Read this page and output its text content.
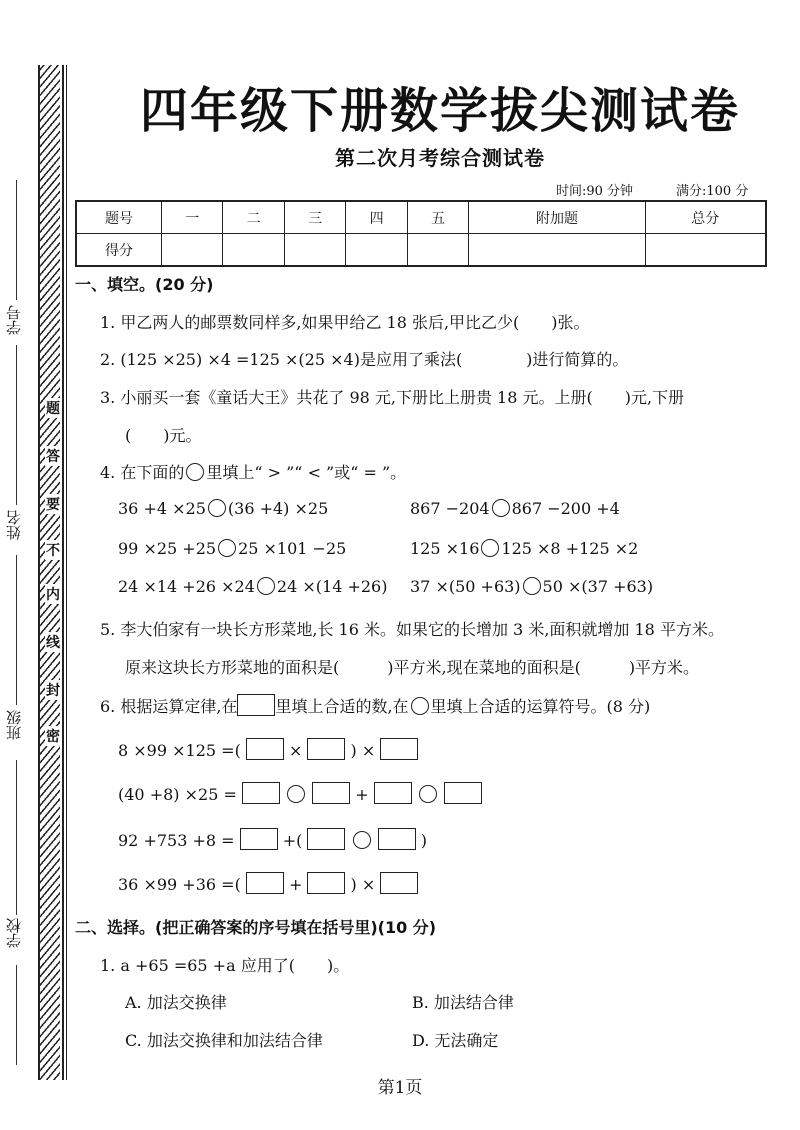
学号
姓名
班级
学校
题
答
要
不
内
线
封
密
四年级下册数学拔尖测试卷
第二次月考综合测试卷
时间:90 分钟	满分:100 分
题号	一	二	三	四	五	附加题	总分
得分							
一、填空。(20 分)
1. 甲乙两人的邮票数同样多,如果甲给乙 18 张后,甲比乙少(　　)张。
2. (125 ×25) ×4 =125 ×(25 ×4)是应用了乘法(　　　　)进行简算的。
3. 小丽买一套《童话大王》共花了 98 元,下册比上册贵 18 元。上册(　　)元,下册
(　　)元。
4. 在下面的 里填上“ > ”“ < ”或“ = ”。
36 +4 ×25 (36 +4) ×25	867 −204 867 −200 +4
99 ×25 +25 25 ×101 −25	125 ×16 125 ×8 +125 ×2
24 ×14 +26 ×24 24 ×(14 +26) 37 ×(50 +63) 50 ×(37 +63)
5. 李大伯家有一块长方形菜地,长 16 米。如果它的长增加 3 米,面积就增加 18 平方米。
原来这块长方形菜地的面积是(　　　)平方米,现在菜地的面积是(　　　)平方米。
6. 根据运算定律,在 里填上合适的数,在 里填上合适的运算符号。(8 分)
8 ×99 ×125 =(  ×  ) ×
(40 +8) ×25 =	+
92 +753 +8 =	+(	)
36 ×99 +36 =(  +  ) ×
二、选择。(把正确答案的序号填在括号里)(10 分)
1. a +65 =65 +a 应用了(　　)。
A. 加法交换律	B. 加法结合律
C. 加法交换律和加法结合律	D. 无法确定
第1页
